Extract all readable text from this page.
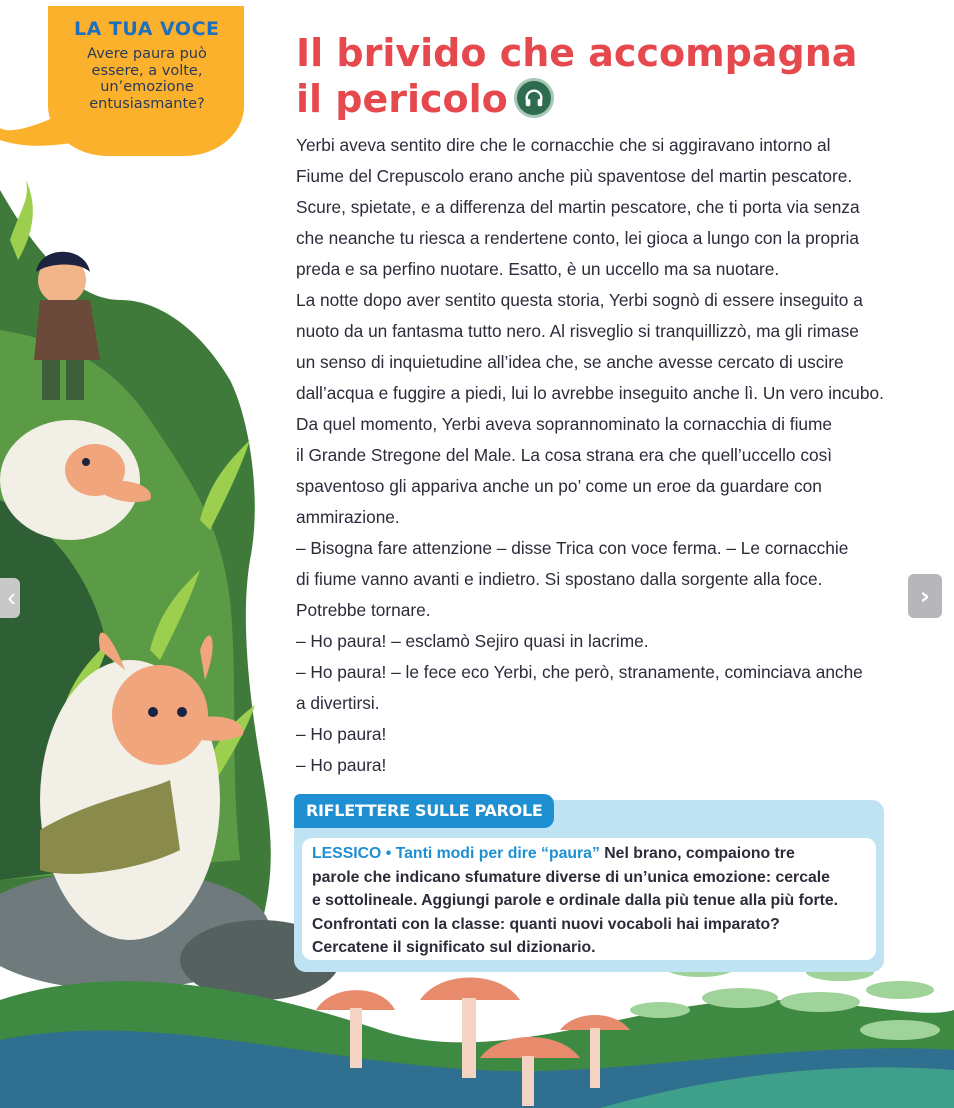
LA TUA VOCE
Avere paura può
essere, a volte,
un’emozione
entusiasmante?
Il brivido che accompagna
il pericolo

Yerbi aveva sentito dire che le cornacchie che si aggiravano intorno al

Fiume del Crepuscolo erano anche più spaventose del martin pescatore.

Scure, spietate, e a differenza del martin pescatore, che ti porta via senza

che neanche tu riesca a rendertene conto, lei gioca a lungo con la propria

preda e sa perfino nuotare. Esatto, è un uccello ma sa nuotare.

La notte dopo aver sentito questa storia, Yerbi sognò di essere inseguito a

nuoto da un fantasma tutto nero. Al risveglio si tranquillizzò, ma gli rimase

un senso di inquietudine all’idea che, se anche avesse cercato di uscire

dall’acqua e fuggire a piedi, lui lo avrebbe inseguito anche lì. Un vero incubo.

Da quel momento, Yerbi aveva soprannominato la cornacchia di fiume

il Grande Stregone del Male. La cosa strana era che quell’uccello così

spaventoso gli appariva anche un po’ come un eroe da guardare con

ammirazione.

– Bisogna fare attenzione – disse Trica con voce ferma. – Le cornacchie

di fiume vanno avanti e indietro. Si spostano dalla sorgente alla foce.

Potrebbe tornare.

– Ho paura! – esclamò Sejiro quasi in lacrime.

– Ho paura! – le fece eco Yerbi, che però, stranamente, cominciava anche

a divertirsi.

– Ho paura!

– Ho paura!

‹	›
RIFLETTERE SULLE PAROLE
LESSICO • Tanti modi per dire “paura” Nel brano, compaiono tre
parole che indicano sfumature diverse di un’unica emozione: cercale
e sottolineale. Aggiungi parole e ordinale dalla più tenue alla più forte.
Confrontati con la classe: quanti nuovi vocaboli hai imparato?
Cercatene il significato sul dizionario.
